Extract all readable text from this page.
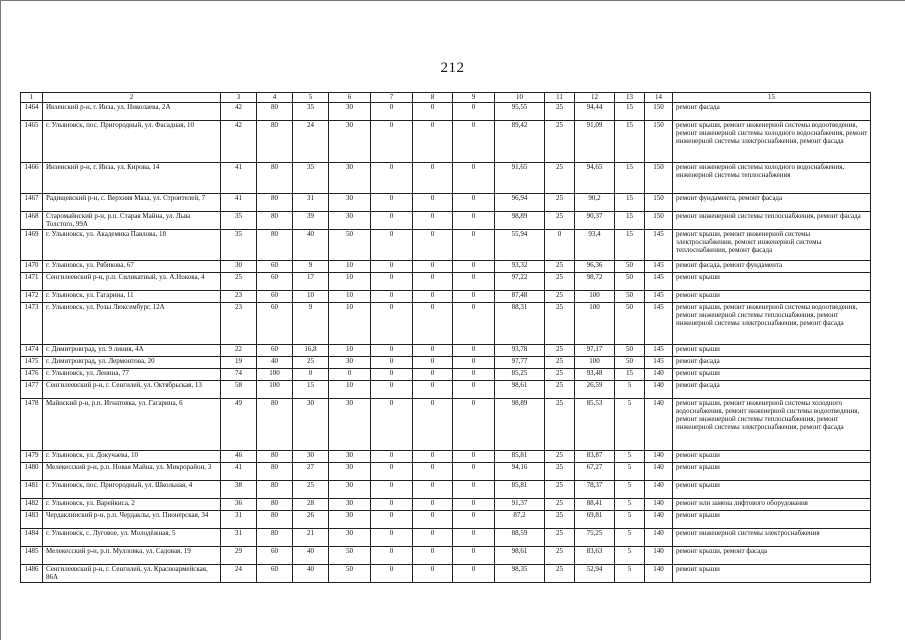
212
1	2	3	4	5	6	7	8	9	10	11	12	13	14	15
1464	Инзенский р-н, г. Инза, ул. Николаева, 2А	42	80	35	30	0	0	0	95,55	25	94,44	15	150	ремонт фасада
1465	г. Ульяновск, пос. Пригородный, ул. Фасадная, 10	42	80	24	30	0	0	0	89,42	25	91,09	15	150	ремонт крыши, ремонт инженерной системы водоотведения, ремонт инженерной системы холодного водоснабжения, ремонт инженерной системы электроснабжения, ремонт фасада
1466	Инзенский р-н, г. Инза, ул. Кирова, 14	41	80	35	30	0	0	0	91,65	25	94,65	15	150	ремонт инженерной системы холодного водоснабжения, инженерной системы теплоснабжения
1467	Радищевский р-н, с. Верхняя Маза, ул. Строителей, 7	41	80	31	30	0	0	0	96,94	25	90,2	15	150	ремонт фундамента, ремонт фасада
1468	Старомайнский р-н, р.п. Старая Майна, ул. Льва Толстого, 99А	35	80	39	30	0	0	0	98,89	25	90,37	15	150	ремонт инженерной системы теплоснабжения, ремонт фасада
1469	г. Ульяновск, ул. Академика Павлова, 18	35	80	40	50	0	0	0	55,94	0	93,4	15	145	ремонт крыши, ремонт инженерной системы электроснабжения, ремонт инженерной системы теплоснабжения, ремонт фасада
1470	г. Ульяновск, ул. Рябикова, 67	30	60	9	10	0	0	0	93,32	25	96,36	50	145	ремонт фасада, ремонт фундамента
1471	Сенгилеевский р-н, р.п. Силикатный, ул. А.Нокова, 4	25	60	17	10	0	0	0	97,22	25	98,72	50	145	ремонт крыши
1472	г. Ульяновск, ул. Гагарина, 11	23	60	10	10	0	0	0	87,48	25	100	50	145	ремонт крыши
1473	г. Ульяновск, ул. Розы Люксембург, 12А	23	60	9	10	0	0	0	88,31	25	100	50	145	ремонт крыши, ремонт инженерной системы водоотведения, ремонт инженерной системы теплоснабжения, ремонт инженерной системы электроснабжения, ремонт фасада
1474	г. Димитровград, ул. 9 линия, 4А	22	60	16,8	10	0	0	0	93,78	25	97,17	50	145	ремонт крыши
1475	г. Димитровград, ул. Лермонтова, 20	19	40	25	30	0	0	0	97,77	25	100	50	145	ремонт фасада
1476	г. Ульяновск, ул. Ленина, 77	74	100	0	0	0	0	0	85,25	25	93,48	15	140	ремонт крыши
1477	Сенгилеевский р-н, г. Сенгилей, ул. Октябрьская, 13	58	100	15	10	0	0	0	98,61	25	26,59	5	140	ремонт фасада
1478	Майнский р-н, р.п. Игнатовка, ул. Гагарина, 6	49	80	30	30	0	0	0	98,89	25	85,53	5	140	ремонт крыши, ремонт инженерной системы холодного водоснабжения, ремонт инженерной системы водоотведения, ремонт инженерной системы теплоснабжения, ремонт инженерной системы электроснабжения, ремонт фасада
1479	г. Ульяновск, ул. Докучаева, 10	46	80	30	30	0	0	0	85,81	25	83,87	5	140	ремонт крыши
1480	Мелекесский р-н, р.п. Новая Майна, ул. Микрорайон, 3	41	80	27	30	0	0	0	94,16	25	67,27	5	140	ремонт крыши
1481	г. Ульяновск, пос. Пригородный, ул. Школьная, 4	38	80	25	30	0	0	0	85,81	25	78,37	5	140	ремонт крыши
1482	г. Ульяновск, ул. Варейкиса, 2	36	80	28	30	0	0	0	91,37	25	88,41	5	140	ремонт или замена лифтового оборудования
1483	Чердаклинский р-н, р.п. Чердаклы, ул. Пионерская, 34	31	80	26	30	0	0	0	87,2	25	69,81	5	140	ремонт крыши
1484	г. Ульяновск, с. Луговое, ул. Молодёжная, 5	31	80	21	30	0	0	0	88,59	25	75,25	5	140	ремонт инженерной системы электроснабжения
1485	Мелекесский р-н, р.п. Мулловка, ул. Садовая, 19	29	60	40	50	0	0	0	98,61	25	83,63	5	140	ремонт крыши, ремонт фасада
1486	Сенгилеевский р-н, г. Сенгилей, ул. Красноармейская, 86А	24	60	40	50	0	0	0	98,35	25	52,94	5	140	ремонт крыши
